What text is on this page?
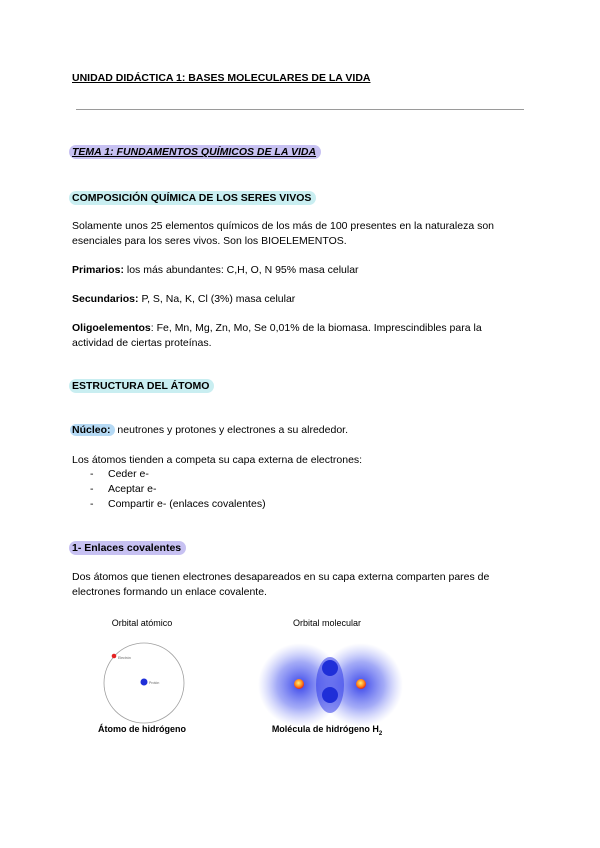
UNIDAD DIDÁCTICA 1: BASES MOLECULARES DE LA VIDA
TEMA 1: FUNDAMENTOS QUÍMICOS DE LA VIDA
COMPOSICIÓN QUÍMICA DE LOS SERES VIVOS
Solamente unos 25 elementos químicos de los más de 100 presentes en la naturaleza son
esenciales para los seres vivos. Son los BIOELEMENTOS.
Primarios: los más abundantes: C,H, O, N 95% masa celular
Secundarios: P, S, Na, K, Cl (3%) masa celular
Oligoelementos: Fe, Mn, Mg, Zn, Mo, Se 0,01% de la biomasa. Imprescindibles para la
actividad de ciertas proteínas.
ESTRUCTURA DEL ÁTOMO
Núcleo: neutrones y protones y electrones a su alrededor.
Los átomos tienden a competa su capa externa de electrones:
- Ceder e-
- Aceptar e-
- Compartir e- (enlaces covalentes)
1- Enlaces covalentes
Dos átomos que tienen electrones desapareados en su capa externa comparten pares de
electrones formando un enlace covalente.
Orbital atómico
Electrón
Protón
Átomo de hidrógeno
Orbital molecular
Molécula de hidrógeno $H_2$
